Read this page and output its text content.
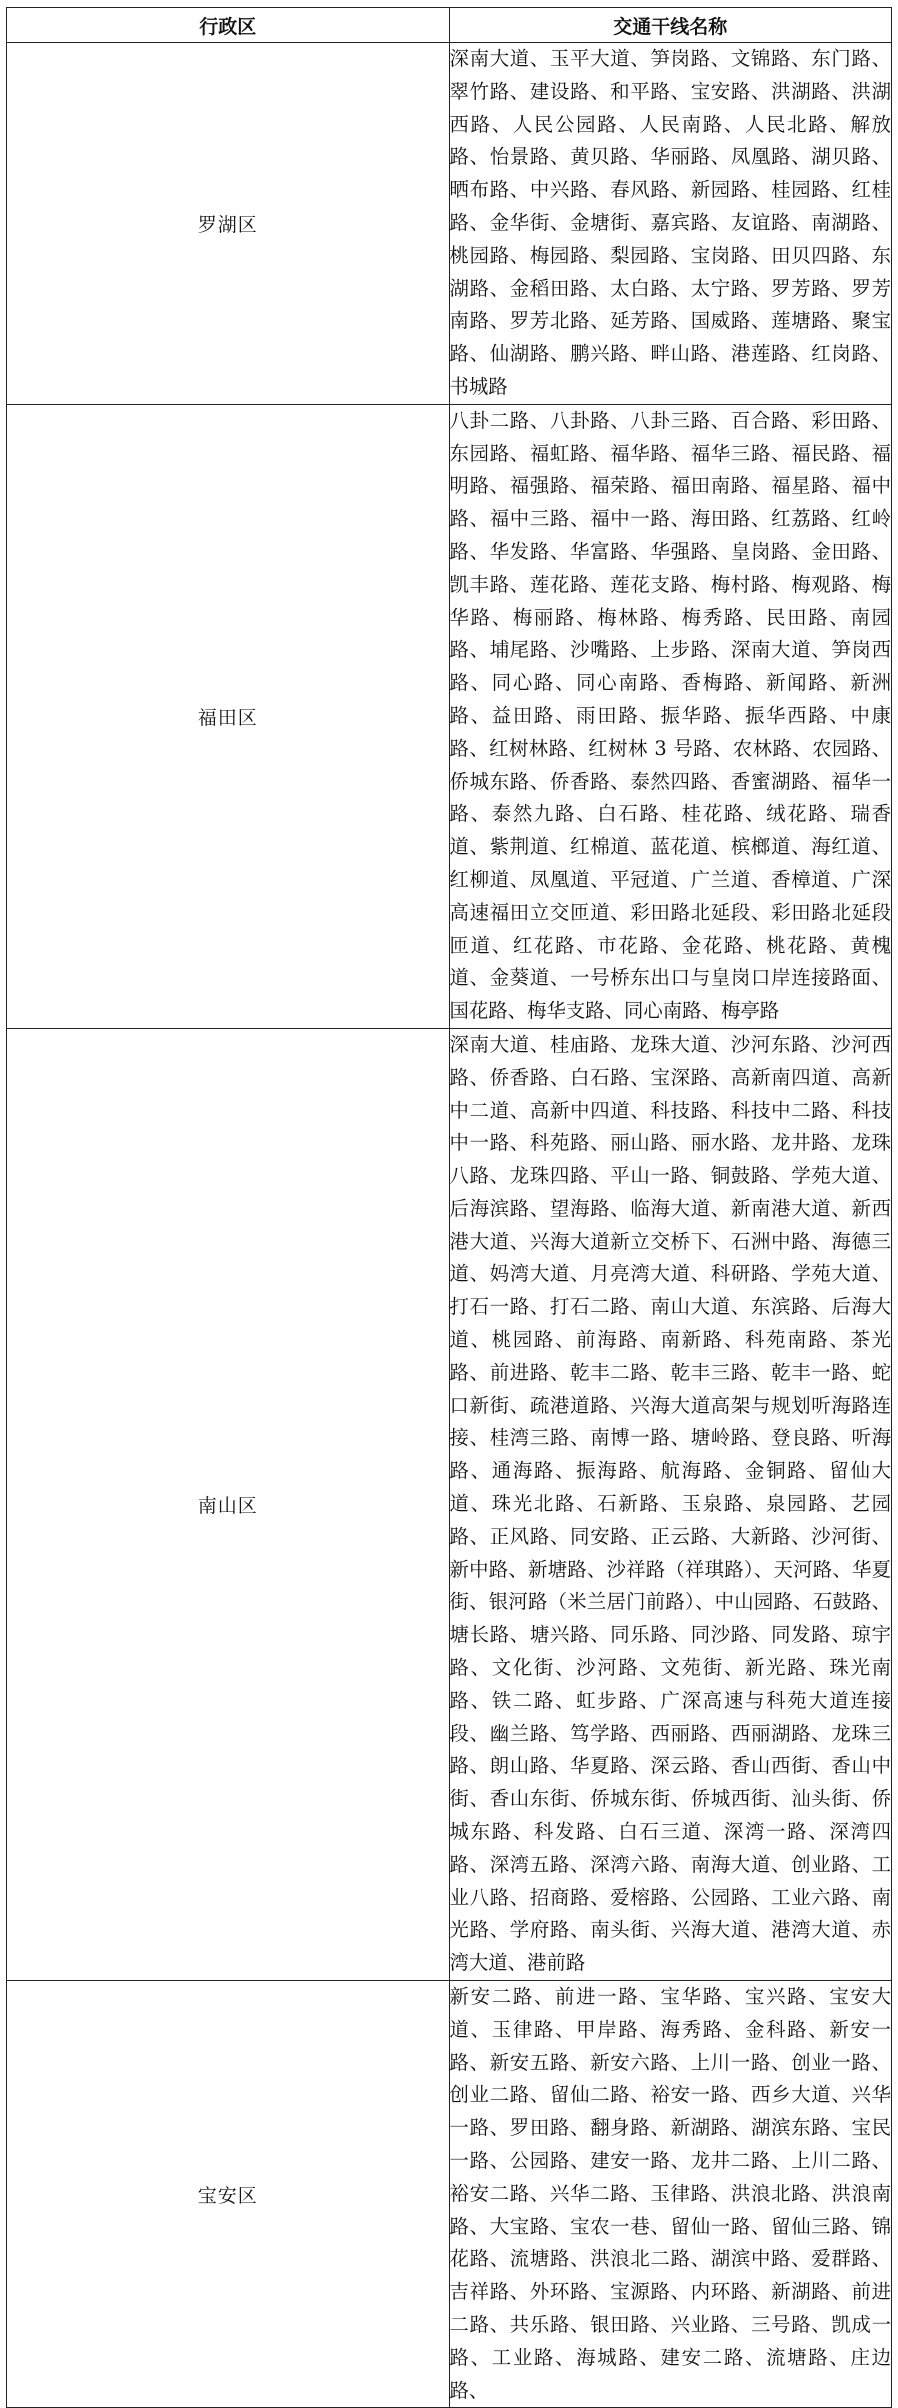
行政区	交通干线名称
罗湖区	深南大道、玉平大道、笋岗路、文锦路、东门路、翠竹路、建设路、和平路、宝安路、洪湖路、洪湖西路、人民公园路、人民南路、人民北路、解放路、怡景路、黄贝路、华丽路、凤凰路、湖贝路、晒布路、中兴路、春风路、新园路、桂园路、红桂路、金华街、金塘街、嘉宾路、友谊路、南湖路、桃园路、梅园路、梨园路、宝岗路、田贝四路、东湖路、金稻田路、太白路、太宁路、罗芳路、罗芳南路、罗芳北路、延芳路、国威路、莲塘路、聚宝路、仙湖路、鹏兴路、畔山路、港莲路、红岗路、 书城路
福田区	八卦二路、八卦路、八卦三路、百合路、彩田路、东园路、福虹路、福华路、福华三路、福民路、福明路、福强路、福荣路、福田南路、福星路、福中路、福中三路、福中一路、海田路、红荔路、红岭路、华发路、华富路、华强路、皇岗路、金田路、凯丰路、莲花路、莲花支路、梅村路、梅观路、梅华路、梅丽路、梅林路、梅秀路、民田路、南园路、埔尾路、沙嘴路、上步路、深南大道、笋岗西路、同心路、同心南路、香梅路、新闻路、新洲路、益田路、雨田路、振华路、振华西路、中康路、红树林路、红树林 3 号路、农林路、农园路、侨城东路、侨香路、泰然四路、香蜜湖路、福华一路、泰然九路、白石路、桂花路、绒花路、瑞香道、紫荆道、红棉道、蓝花道、槟榔道、海红道、红柳道、凤凰道、平冠道、广兰道、香樟道、广深高速福田立交匝道、彩田路北延段、彩田路北延段匝道、红花路、市花路、金花路、桃花路、黄槐道、金葵道、一号桥东出口与皇岗口岸连接路面、国花路、梅华支路、同心南路、梅亭路
南山区	深南大道、桂庙路、龙珠大道、沙河东路、沙河西路、侨香路、白石路、宝深路、高新南四道、高新中二道、高新中四道、科技路、科技中二路、科技中一路、科苑路、丽山路、丽水路、龙井路、龙珠八路、龙珠四路、平山一路、铜鼓路、学苑大道、后海滨路、望海路、临海大道、新南港大道、新西港大道、兴海大道新立交桥下、石洲中路、海德三道、妈湾大道、月亮湾大道、科研路、学苑大道、打石一路、打石二路、南山大道、东滨路、后海大道、桃园路、前海路、南新路、科苑南路、茶光路、前进路、乾丰二路、乾丰三路、乾丰一路、蛇口新街、疏港道路、兴海大道高架与规划听海路连接、桂湾三路、南博一路、塘岭路、登良路、听海路、通海路、振海路、航海路、金铜路、留仙大道、珠光北路、石新路、玉泉路、泉园路、艺园路、正风路、同安路、正云路、大新路、沙河街、新中路、新塘路、沙祥路（祥琪路）、天河路、华夏街、银河路（米兰居门前路）、中山园路、石鼓路、塘长路、塘兴路、同乐路、同沙路、同发路、琼宇路、文化街、沙河路、文苑街、新光路、珠光南路、铁二路、虹步路、广深高速与科苑大道连接段、幽兰路、笃学路、西丽路、西丽湖路、龙珠三路、朗山路、华夏路、深云路、香山西街、香山中街、香山东街、侨城东街、侨城西街、汕头街、侨城东路、科发路、白石三道、深湾一路、深湾四路、深湾五路、深湾六路、南海大道、创业路、工业八路、招商路、爱榕路、公园路、工业六路、南光路、学府路、南头街、兴海大道、港湾大道、赤湾大道、港前路
宝安区	新安二路、前进一路、宝华路、宝兴路、宝安大道、玉律路、甲岸路、海秀路、金科路、新安一路、新安五路、新安六路、上川一路、创业一路、创业二路、留仙二路、裕安一路、西乡大道、兴华一路、罗田路、翻身路、新湖路、湖滨东路、宝民一路、公园路、建安一路、龙井二路、上川二路、裕安二路、兴华二路、玉律路、洪浪北路、洪浪南路、大宝路、宝农一巷、留仙一路、留仙三路、锦花路、流塘路、洪浪北二路、湖滨中路、爱群路、吉祥路、外环路、宝源路、内环路、新湖路、前进二路、共乐路、银田路、兴业路、三号路、凯成一路、工业路、海城路、建安二路、流塘路、庄边路、
